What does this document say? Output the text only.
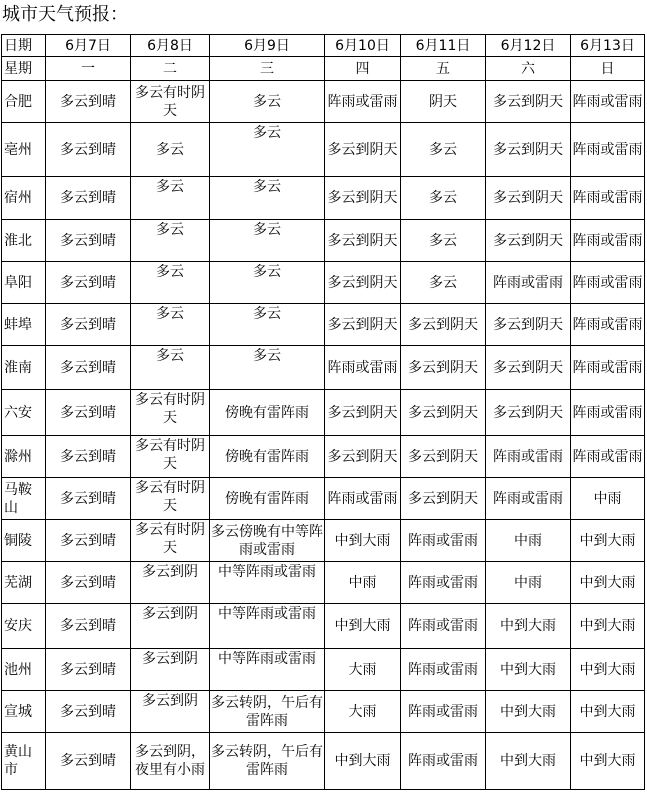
城市天气预报：
日期	6月7日	6月8日	6月9日	6月10日	6月11日	6月12日	6月13日
星期	一	二	三	四	五	六	日
合肥	多云到晴	多云有时阴天	多云	阵雨或雷雨	阴天	多云到阴天	阵雨或雷雨
亳州	多云到晴	多云	多云	多云到阴天	多云	多云到阴天	阵雨或雷雨
宿州	多云到晴	多云	多云	多云到阴天	多云	多云到阴天	阵雨或雷雨
淮北	多云到晴	多云	多云	多云到阴天	多云	多云到阴天	阵雨或雷雨
阜阳	多云到晴	多云	多云	多云到阴天	多云	阵雨或雷雨	阵雨或雷雨
蚌埠	多云到晴	多云	多云	多云到阴天	多云到阴天	多云到阴天	阵雨或雷雨
淮南	多云到晴	多云	多云	阵雨或雷雨	多云到阴天	多云到阴天	阵雨或雷雨
六安	多云到晴	多云有时阴天	傍晚有雷阵雨	多云到阴天	多云到阴天	多云到阴天	阵雨或雷雨
滁州	多云到晴	多云有时阴天	傍晚有雷阵雨	多云到阴天	多云到阴天	阵雨或雷雨	阵雨或雷雨
马鞍山	多云到晴	多云有时阴天	傍晚有雷阵雨	阵雨或雷雨	多云到阴天	阵雨或雷雨	中雨
铜陵	多云到晴	多云有时阴天	多云傍晚有中等阵雨或雷雨	中到大雨	阵雨或雷雨	中雨	中到大雨
芜湖	多云到晴	多云到阴	中等阵雨或雷雨	中雨	阵雨或雷雨	中雨	中到大雨
安庆	多云到晴	多云到阴	中等阵雨或雷雨	中到大雨	阵雨或雷雨	中到大雨	中到大雨
池州	多云到晴	多云到阴	中等阵雨或雷雨	大雨	阵雨或雷雨	中到大雨	中到大雨
宣城	多云到晴	多云到阴	多云转阴，午后有雷阵雨	大雨	阵雨或雷雨	中到大雨	中到大雨
黄山市	多云到晴	多云到阴，夜里有小雨	多云转阴，午后有雷阵雨	中到大雨	阵雨或雷雨	中到大雨	中到大雨
